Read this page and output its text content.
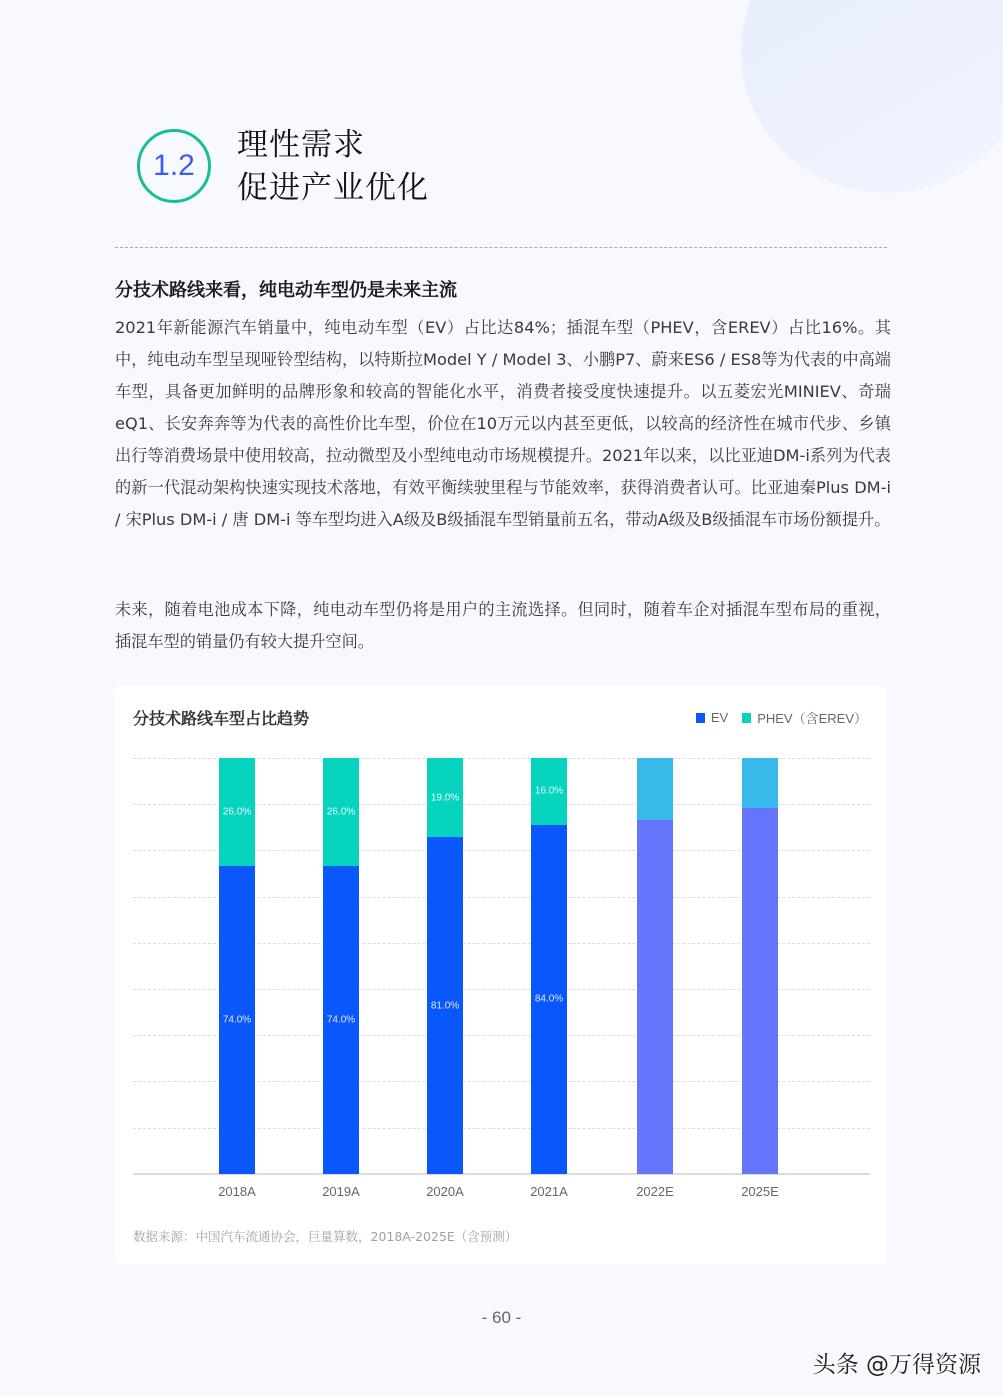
1.2
理性需求
促进产业优化
分技术路线来看，纯电动车型仍是未来主流

2021年新能源汽车销量中，纯电动车型（EV）占比达84%；插混车型（PHEV，含EREV）占比16%。其中，纯电动车型呈现哑铃型结构，以特斯拉Model Y / Model 3、小鹏P7、蔚来ES6 / ES8等为代表的中高端车型，具备更加鲜明的品牌形象和较高的智能化水平，消费者接受度快速提升。以五菱宏光MINIEV、奇瑞eQ1、长安奔奔等为代表的高性价比车型，价位在10万元以内甚至更低，以较高的经济性在城市代步、乡镇出行等消费场景中使用较高，拉动微型及小型纯电动市场规模提升。2021年以来，以比亚迪DM-i系列为代表的新一代混动架构快速实现技术落地，有效平衡续驶里程与节能效率，获得消费者认可。比亚迪秦Plus DM-i / 宋Plus DM-i / 唐 DM-i 等车型均进入A级及B级插混车型销量前五名，带动A级及B级插混车市场份额提升。

未来，随着电池成本下降，纯电动车型仍将是用户的主流选择。但同时，随着车企对插混车型布局的重视，插混车型的销量仍有较大提升空间。

分技术路线车型占比趋势	EV PHEV（含EREV）
26.0%
74.0%
26.0%
74.0%
19.0%
81.0%
16.0%
84.0%
2018A	2019A	2020A	2021A	2022E	2025E
数据来源：中国汽车流通协会，巨量算数，2018A-2025E（含预测）
- 60 -
头条 @万得资源
